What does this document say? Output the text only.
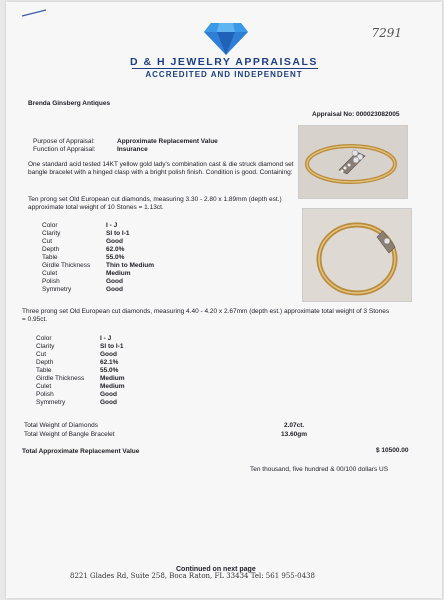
7291
D & H JEWELRY APPRAISALS
ACCREDITED AND INDEPENDENT
Brenda Ginsberg Antiques
Appraisal No: 000023082005
Purpose of Appraisal:	Approximate Replacement Value
Function of Appraisal:	Insurance
One standard acid tested 14KT yellow gold lady's combination cast & die struck diamond set bangle bracelet with a hinged clasp with a bright polish finish. Condition is good. Containing:
Ten prong set Old European cut diamonds, measuring 3.30 - 2.80 x 1.89mm (depth est.) approximate total weight of 10 Stones = 1.13ct.
Color	I - J
Clarity	SI to I-1
Cut	Good
Depth	62.0%
Table	55.0%
Girdle Thickness	Thin to Medium
Culet	Medium
Polish	Good
Symmetry	Good
Three prong set Old European cut diamonds, measuring 4.40 - 4.20 x 2.67mm (depth est.) approximate total weight of 3 Stones = 0.95ct.
Color	I - J
Clarity	SI to I-1
Cut	Good
Depth	62.1%
Table	55.0%
Girdle Thickness	Medium
Culet	Medium
Polish	Good
Symmetry	Good
Total Weight of Diamonds	2.07ct.
Total Weight of Bangle Bracelet	13.60gm
Total Approximate Replacement Value	$ 10500.00
Ten thousand, five hundred & 00/100 dollars US
Continued on next page
8221 Glades Rd, Suite 258, Boca Raton, FL 33434 Tel: 561 955-0438
